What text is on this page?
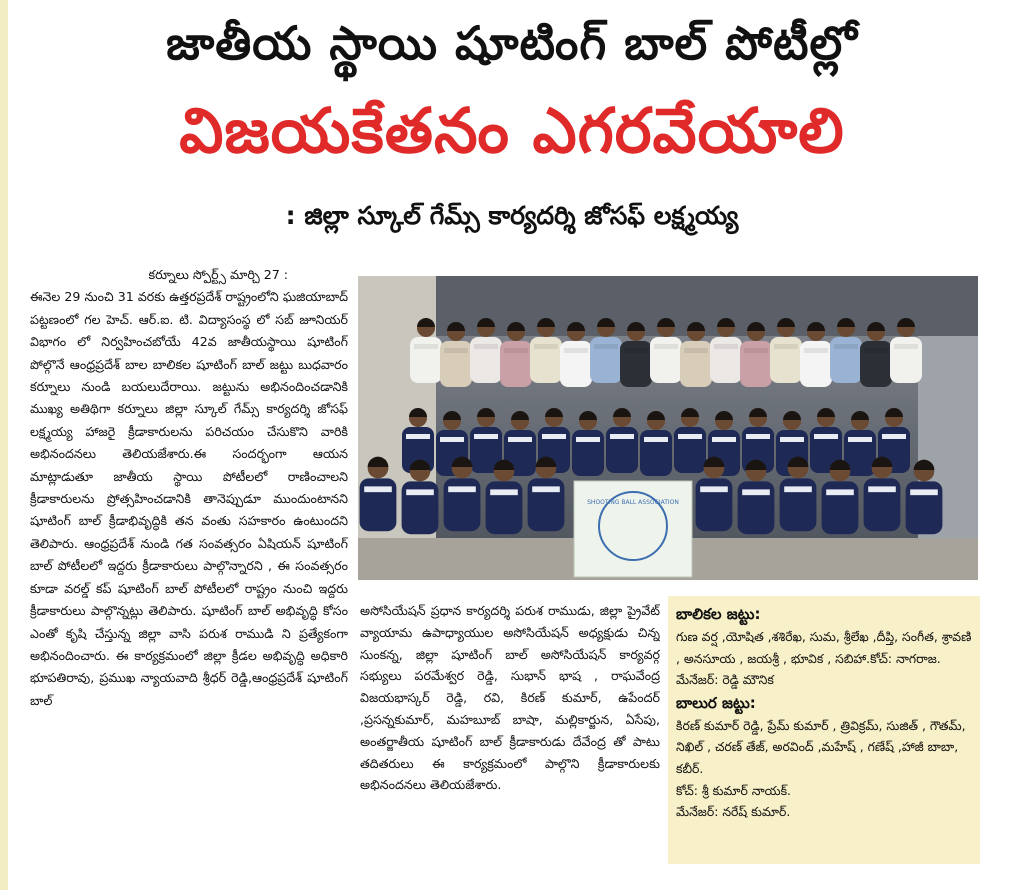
జాతీయ స్థాయి షూటింగ్ బాల్ పోటీల్లో
విజయకేతనం ఎగరవేయాలి
: జిల్లా స్కూల్ గేమ్స్ కార్యదర్శి జోసఫ్ లక్ష్మయ్య

కర్నూలు స్పోర్ట్స్ మార్చి 27 :

ఈనెల 29 నుంచి 31 వరకు ఉత్తరప్రదేశ్ రాష్ట్రంలోని ఘజియాబాద్ పట్టణంలో గల హెచ్. ఆర్.ఐ. టి. విద్యాసంస్థ లో సబ్ జూనియర్ విభాగం లో నిర్వహించబోయే 42వ జాతీయస్థాయి షూటింగ్ పోల్గొనే ఆంధ్రప్రదేశ్ బాల బాలికల షూటింగ్ బాల్ జట్టు బుధవారం కర్నూలు నుండి బయలుదేరాయి. జట్టును అభినందించడానికి ముఖ్య అతిథిగా కర్నూలు జిల్లా స్కూల్ గేమ్స్ కార్యదర్శి జోసఫ్ లక్ష్మయ్య హాజరై క్రీడాకారులను పరిచయం చేసుకొని వారికి అభినందనలు తెలియజేశారు.ఈ సందర్భంగా ఆయన మాట్లాడుతూ జాతీయ స్థాయి పోటీలలో రాణించాలని క్రీడాకారులను ప్రోత్సహించడానికి తానెప్పుడూ ముందుంటానని షూటింగ్ బాల్ క్రీడాభివృద్ధికి తన వంతు సహకారం ఉంటుందని తెలిపారు. ఆంధ్రప్రదేశ్ నుండి గత సంవత్సరం ఏషియన్ షూటింగ్ బాల్ పోటీలలో ఇద్దరు క్రీడాకారులు పాల్గొన్నారని , ఈ సంవత్సరం కూడా వరల్డ్ కప్ షూటింగ్ బాల్ పోటీలలో రాష్ట్రం నుంచి ఇద్దరు క్రీడాకారులు పాల్గొన్నట్లు తెలిపారు. షూటింగ్ బాల్ అభివృద్ధి కోసం ఎంతో కృషి చేస్తున్న జిల్లా వాసి పరుశ రాముడి ని ప్రత్యేకంగా అభినందించారు. ఈ కార్యక్రమంలో జిల్లా క్రీడల అభివృద్ధి అధికారి భూపతిరావు, ప్రముఖ న్యాయవాది శ్రీధర్ రెడ్డి,ఆంధ్రప్రదేశ్ షూటింగ్ బాల్

SHOOTING BALL ASSOCIATION

అసోసియేషన్ ప్రధాన కార్యదర్శి పరుశ రాముడు, జిల్లా ప్రైవేట్ వ్యాయామ ఉపాధ్యాయుల అసోసియేషన్ అధ్యక్షుడు చిన్న సుంకన్న, జిల్లా షూటింగ్ బాల్ అసోసియేషన్ కార్యవర్గ సభ్యులు పరమేశ్వర రెడ్డి, సుభాన్ భాష , రాఘవేంద్ర విజయభాస్కర్ రెడ్డి, రవి, కిరణ్ కుమార్, ఉపేందర్ ,ప్రసన్నకుమార్, మహబూబ్ బాషా, మల్లికార్జున, ఏసేపు, అంతర్జాతీయ షూటింగ్ బాల్ క్రీడాకారుడు దేవేంద్ర తో పాటు తదితరులు ఈ కార్యక్రమంలో పాల్గొని క్రీడాకారులకు అభినందనలు తెలియజేశారు.

బాలికల జట్టు:

గుణ వర్ష ,యోషిత ,శశిరేఖ, సుమ, శ్రీలేఖ ,దీప్తి, సంగీత, శ్రావణి , అనసూయ , జయశ్రీ , భూవిక , సబిహా.కోచ్: నాగరాజ.

మేనేజర్: రెడ్డి మౌనిక

బాలుర జట్టు:

కిరణ్ కుమార్ రెడ్డి, ప్రేమ్ కుమార్ , త్రివిక్రమ్, సుజిత్ , గౌతమ్, నిఖిల్ , చరణ్ తేజ్, అరవింద్ ,మహేష్ , గణేష్ ,హాజీ బాబా, కబీర్.

కోచ్: శ్రీ కుమార్ నాయక్.

మేనేజర్: నరేష్ కుమార్.
